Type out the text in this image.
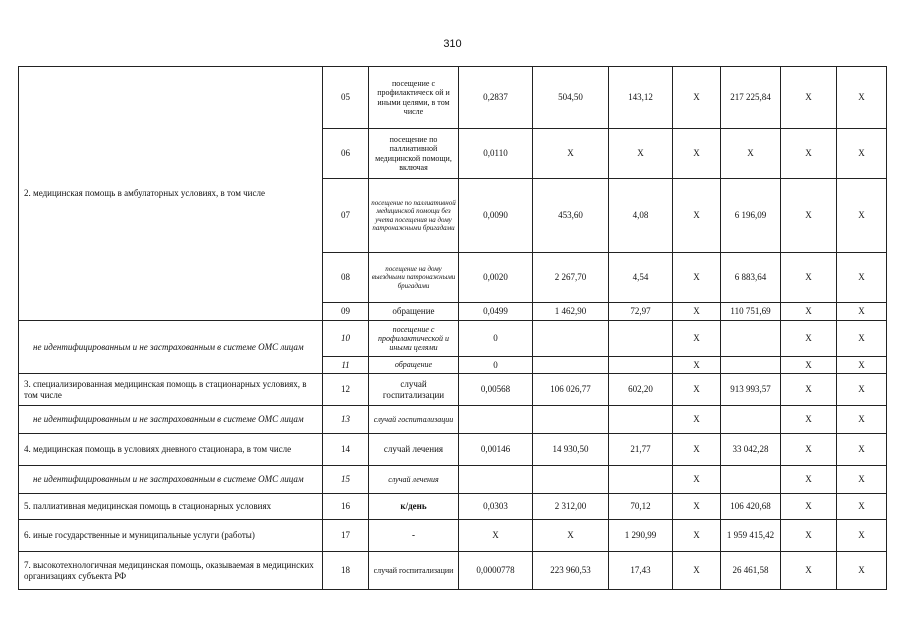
310
2. медицинская помощь в амбулаторных условиях, в том числе	05	посещение с профилактическ ой и иными целями, в том числе	0,2837	504,50	143,12	X	217 225,84	X	X
	06	посещение по паллиативной медицинской помощи, включая	0,0110	X	X	X	X	X	X
	07	посещение по паллиативной медицинской помощи без учета посещения на дому патронажными бригадами	0,0090	453,60	4,08	X	6 196,09	X	X
	08	посещение на дому выездными патронажными бригадами	0,0020	2 267,70	4,54	X	6 883,64	X	X
	09	обращение	0,0499	1 462,90	72,97	X	110 751,69	X	X
не идентифицированным и не застрахованным в системе ОМС лицам	10	посещение с профилактической и иными целями	0			X		X	X
	11	обращение	0			X		X	X
3. специализированная медицинская помощь в стационарных условиях, в том числе	12	случай госпитализации	0,00568	106 026,77	602,20	X	913 993,57	X	X
не идентифицированным и не застрахованным в системе ОМС лицам	13	случай госпитализации				X		X	X
4. медицинская помощь в условиях дневного стационара, в том числе	14	случай лечения	0,00146	14 930,50	21,77	X	33 042,28	X	X
не идентифицированным и не застрахованным в системе ОМС лицам	15	случай лечения				X		X	X
5. паллиативная медицинская помощь в стационарных условиях	16	к/день	0,0303	2 312,00	70,12	X	106 420,68	X	X
6. иные государственные и муниципальные услуги (работы)	17	-	X	X	1 290,99	X	1 959 415,42	X	X
7. высокотехнологичная медицинская помощь, оказываемая в медицинских организациях субъекта РФ	18	случай госпитализации	0,0000778	223 960,53	17,43	X	26 461,58	X	X
